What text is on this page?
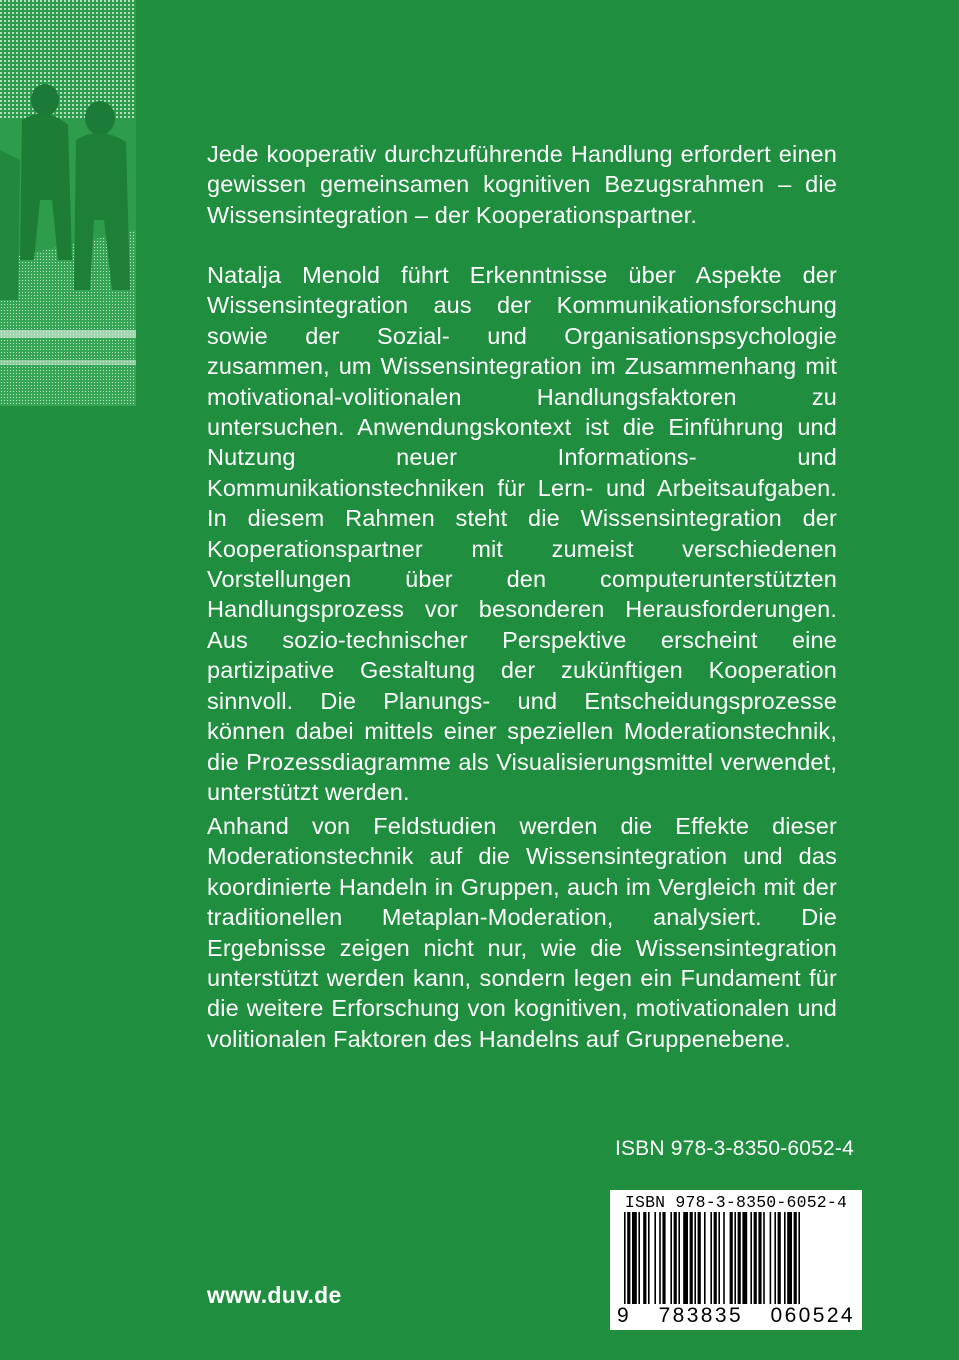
Jede kooperativ durchzuführende Handlung erfordert einen gewissen gemeinsamen kognitiven Bezugsrahmen – die Wissensintegration – der Kooperationspartner.

Natalja Menold führt Erkenntnisse über Aspekte der Wissensintegration aus der Kommunikationsforschung sowie der Sozial- und Organisationspsychologie zusammen, um Wissensintegration im Zusammenhang mit motivational-volitionalen Handlungsfaktoren zu untersuchen. Anwendungskontext ist die Einführung und Nutzung neuer Informations- und Kommunikationstechniken für Lern- und Arbeitsaufgaben. In diesem Rahmen steht die Wissensintegration der Kooperationspartner mit zumeist verschiedenen Vorstellungen über den computerunterstützten Handlungsprozess vor besonderen Herausforderungen. Aus sozio-technischer Perspektive erscheint eine partizipative Gestaltung der zukünftigen Kooperation sinnvoll. Die Planungs- und Entscheidungsprozesse können dabei mittels einer speziellen Moderationstechnik, die Prozessdiagramme als Visualisierungsmittel verwendet, unterstützt werden.

Anhand von Feldstudien werden die Effekte dieser Moderationstechnik auf die Wissensintegration und das koordinierte Handeln in Gruppen, auch im Vergleich mit der traditionellen Metaplan-Moderation, analysiert. Die Ergebnisse zeigen nicht nur, wie die Wissensintegration unterstützt werden kann, sondern legen ein Fundament für die weitere Erforschung von kognitiven, motivationalen und volitionalen Faktoren des Handelns auf Gruppenebene.

ISBN 978-3-8350-6052-4
ISBN 978-3-8350-6052-4
9 783835 060524
www.duv.de
